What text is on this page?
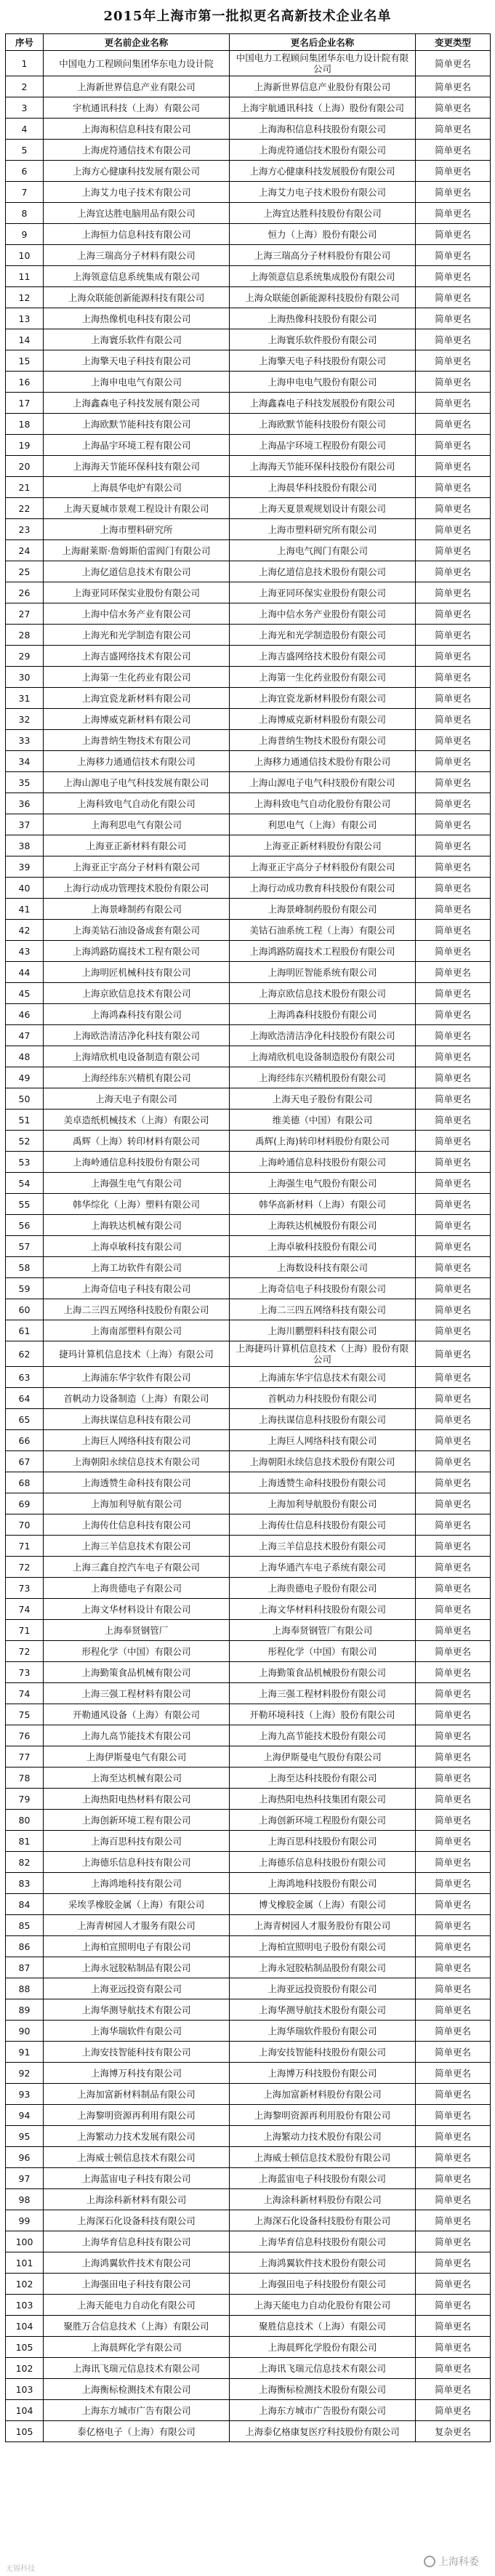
2015年上海市第一批拟更名高新技术企业名单
序号	更名前企业名称	更名后企业名称	变更类型
1	中国电力工程顾问集团华东电力设计院	中国电力工程顾问集团华东电力设计院有限公司	简单更名
2	上海新世界信息产业有限公司	上海新世界信息产业股份有限公司	简单更名
3	宇杭通讯科技（上海）有限公司	上海宇航通讯科技（上海）股份有限公司	简单更名
4	上海海积信息科技有限公司	上海海积信息科技股份有限公司	简单更名
5	上海虎符通信技术有限公司	上海虎符通信技术股份有限公司	简单更名
6	上海方心健康科技发展有限公司	上海方心健康科技发展股份有限公司	简单更名
7	上海艾力电子技术有限公司	上海艾力电子技术股份有限公司	简单更名
8	上海宜达胜电脑用品有限公司	上海宜达胜科技股份有限公司	简单更名
9	上海恒力信息科技有限公司	恒力（上海）股份有限公司	简单更名
10	上海三瑞高分子材料有限公司	上海三瑞高分子材料股份有限公司	简单更名
11	上海领意信息系统集成有限公司	上海领意信息系统集成股份有限公司	简单更名
12	上海众联能创新能源科技有限公司	上海众联能创新能源科技股份有限公司	简单更名
13	上海热像机电科技有限公司	上海热像科技股份有限公司	简单更名
14	上海寰乐软件有限公司	上海寰乐软件股份有限公司	简单更名
15	上海擎天电子科技有限公司	上海擎天电子科技股份有限公司	简单更名
16	上海申电电气有限公司	上海申电电气股份有限公司	简单更名
17	上海鑫森电子科技发展有限公司	上海鑫森电子科技发展股份有限公司	简单更名
18	上海欧默节能科技有限公司	上海欧默节能科技股份有限公司	简单更名
19	上海晶宇环境工程有限公司	上海晶宇环境工程股份有限公司	简单更名
20	上海海天节能环保科技有限公司	上海海天节能环保科技股份有限公司	简单更名
21	上海晨华电炉有限公司	上海晨华科技股份有限公司	简单更名
22	上海天夏城市景观工程设计有限公司	上海天夏景观规划设计有限公司	简单更名
23	上海市塑料研究所	上海市塑料研究所有限公司	简单更名
24	上海耐莱斯·詹姆斯伯雷阀门有限公司	上海电气阀门有限公司	简单更名
25	上海亿道信息技术有限公司	上海亿道信息技术股份有限公司	简单更名
26	上海亚同环保实业股份有限公司	上海亚同环保实业股份有限公司	简单更名
27	上海中信水务产业有限公司	上海中信水务产业股份有限公司	简单更名
28	上海光和光学制造有限公司	上海光和光学制造股份有限公司	简单更名
29	上海吉盛网络技术有限公司	上海吉盛网络技术股份有限公司	简单更名
30	上海第一生化药业有限公司	上海第一生化药业股份有限公司	简单更名
31	上海宜瓷龙新材料有限公司	上海宜瓷龙新材料股份有限公司	简单更名
32	上海博威克新材料有限公司	上海博威克新材料股份有限公司	简单更名
33	上海普纳生物技术有限公司	上海普纳生物技术股份有限公司	简单更名
34	上海移力通通信技术有限公司	上海移力通通信技术股份有限公司	简单更名
35	上海山源电子电气科技发展有限公司	上海山源电子电气科技股份有限公司	简单更名
36	上海科致电气自动化有限公司	上海科致电气自动化股份有限公司	简单更名
37	上海利思电气有限公司	利思电气（上海）有限公司	简单更名
38	上海亚正新材料有限公司	上海亚正新材料股份有限公司	简单更名
39	上海亚正宇高分子材料有限公司	上海亚正宇高分子材料股份有限公司	简单更名
40	上海行动成功管理技术股份有限公司	上海行动成功教育科技股份有限公司	简单更名
41	上海景峰制药有限公司	上海景峰制药股份有限公司	简单更名
42	上海美钴石油设备成套有限公司	美钴石油系统工程（上海）有限公司	简单更名
43	上海鸿路防腐技术工程有限公司	上海鸿路防腐技术工程股份有限公司	简单更名
44	上海明匠机械科技有限公司	上海明匠智能系统有限公司	简单更名
45	上海京欧信息技术有限公司	上海京欧信息技术股份有限公司	简单更名
46	上海鸿森科技有限公司	上海鸿森科技股份有限公司	简单更名
47	上海欧浩清洁净化科技有限公司	上海欧浩清洁净化科技股份有限公司	简单更名
48	上海靖欣机电设备制造有限公司	上海靖欣机电设备制造股份有限公司	简单更名
49	上海经纬东兴精机有限公司	上海经纬东兴精机股份有限公司	简单更名
50	上海天电子有限公司	上海天电子股份有限公司	简单更名
51	美卓造纸机械技术（上海）有限公司	维美德（中国）有限公司	简单更名
52	禹辉（上海）转印材料有限公司	禹辉(上海)转印材料股份有限公司	简单更名
53	上海岭通信息科技股份有限公司	上海岭通信息科技股份有限公司	简单更名
54	上海强生电气有限公司	上海强生电气股份有限公司	简单更名
55	韩华综化（上海）塑料有限公司	韩华高新材料（上海）有限公司	简单更名
56	上海轶达机械有限公司	上海轶达机械股份有限公司	简单更名
57	上海卓敏科技有限公司	上海卓敏科技股份有限公司	简单更名
58	上海工坊软件有限公司	上海数设科技有限公司	简单更名
59	上海奇信电子科技有限公司	上海奇信电子科技股份有限公司	简单更名
60	上海二三四五网络科技股份有限公司	上海二三四五网络科技有限公司	简单更名
61	上海南部塑料有限公司	上海川鹏塑料科技有限公司	简单更名
62	捷玛计算机信息技术（上海）有限公司	上海捷玛计算机信息技术（上海）股份有限公司	简单更名
63	上海浦东华宇软件有限公司	上海浦东华宇信息技术有限公司	简单更名
64	首帆动力设备制造（上海）有限公司	首帆动力科技股份有限公司	简单更名
65	上海扶谋信息科技有限公司	上海扶谋信息科技股份有限公司	简单更名
66	上海巨人网络科技有限公司	上海巨人网络科技有限公司	简单更名
67	上海朝阳永续信息技术有限公司	上海朝阳永续信息技术股份有限公司	简单更名
68	上海透赞生命科技有限公司	上海透赞生命科技股份有限公司	简单更名
69	上海加利导航有限公司	上海加利导航股份有限公司	简单更名
70	上海传仕信息科技有限公司	上海传仕信息科技股份有限公司	简单更名
71	上海三羊信息技术有限公司	上海三羊信息技术股份有限公司	简单更名
72	上海三鑫自控汽车电子有限公司	上海华通汽车电子系统有限公司	简单更名
73	上海贵德电子有限公司	上海贵德电子股份有限公司	简单更名
74	上海文华材料设计有限公司	上海文华材料科技股份有限公司	简单更名
71	上海奉贤钢管厂	上海奉贤钢管厂有限公司	简单更名
72	形程化学（中国）有限公司	彤程化学（中国）有限公司	简单更名
73	上海勤策食品机械有限公司	上海勤策食品机械股份有限公司	简单更名
74	上海三强工程材料有限公司	上海三强工程材料股份有限公司	简单更名
75	开勒通风设备（上海）有限公司	开勒环境科技（上海）股份有限公司	简单更名
76	上海九高节能技术有限公司	上海九高节能技术股份有限公司	简单更名
77	上海伊斯曼电气有限公司	上海伊斯曼电气股份有限公司	简单更名
78	上海至达机械有限公司	上海至达科技股份有限公司	简单更名
79	上海热阳电热材料有限公司	上海热阳电热科技集团有限公司	简单更名
80	上海创新环境工程有限公司	上海创新环境工程股份有限公司	简单更名
81	上海百思科技有限公司	上海百思科技股份有限公司	简单更名
82	上海德乐信息科技有限公司	上海德乐信息科技股份有限公司	简单更名
83	上海鸿地科技有限公司	上海鸿地科技股份有限公司	简单更名
84	采埃孚橡胶金属（上海）有限公司	博戈橡胶金属（上海）有限公司	简单更名
85	上海青树园人才服务有限公司	上海青树园人才服务股份有限公司	简单更名
86	上海柏宣照明电子有限公司	上海柏宣照明电子股份有限公司	简单更名
87	上海永冠胶粘制品有限公司	上海永冠胶粘制品股份有限公司	简单更名
88	上海亚远投资有限公司	上海亚远投资股份有限公司	简单更名
89	上海华测导航技术有限公司	上海华测导航技术股份有限公司	简单更名
90	上海华瑞软件有限公司	上海华瑞软件股份有限公司	简单更名
91	上海安技智能科技有限公司	上海安技智能科技股份有限公司	简单更名
92	上海博万科技有限公司	上海博万科技股份有限公司	简单更名
93	上海加富新材料制品有限公司	上海加富新材料股份有限公司	简单更名
94	上海黎明资源再利用有限公司	上海黎明资源再利用股份有限公司	简单更名
95	上海繁动力技术发展有限公司	上海繁动力技术股份有限公司	简单更名
96	上海威士顿信息技术有限公司	上海威士顿信息技术股份有限公司	简单更名
97	上海蓝宙电子科技有限公司	上海蓝宙电子科技股份有限公司	简单更名
98	上海涂科新材料有限公司	上海涂科新材料股份有限公司	简单更名
99	上海深石化设备科技有限公司	上海深石化设备科技股份有限公司	简单更名
100	上海华育信息科技有限公司	上海华育信息科技股份有限公司	简单更名
101	上海鸿翼软件技术有限公司	上海鸿翼软件技术股份有限公司	简单更名
102	上海强田电子科技有限公司	上海强田电子科技股份有限公司	简单更名
103	上海天能电力自动化有限公司	上海天能电力自动化股份有限公司	简单更名
104	聚胜万合信息技术（上海）有限公司	聚胜信息技术（上海）有限公司	简单更名
105	上海晨辉化学有限公司	上海晨辉化学股份有限公司	简单更名
102	上海讯飞瑞元信息技术有限公司	上海讯飞瑞元信息技术有限公司	简单更名
103	上海衡标检测技术有限公司	上海衡标检测技术股份有限公司	简单更名
104	上海东方城市广告有限公司	上海东方城市广告股份有限公司	简单更名
105	泰亿格电子（上海）有限公司	上海泰亿格康复医疗科技股份有限公司	复杂更名
上海科委
无锡科技
